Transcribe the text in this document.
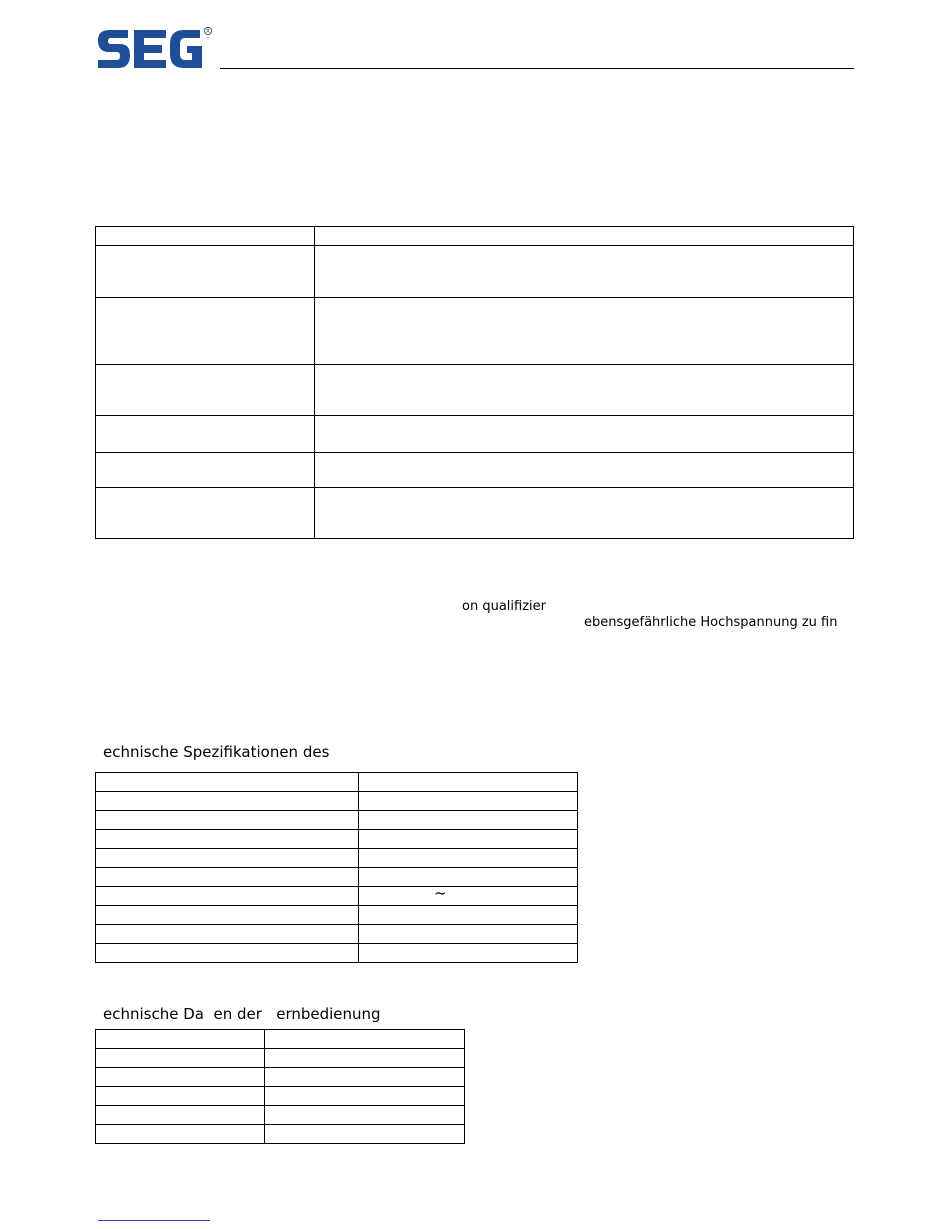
R

on qualifizier
ebensgefährliche Hochspannung zu fin
echnische Spezifikationen des

	~

echnische Da  en der   ernbedienung
